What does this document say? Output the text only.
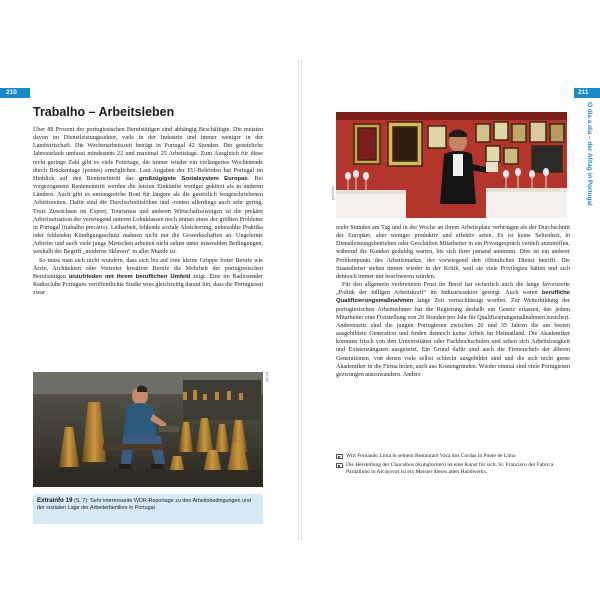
210	211
O dia a dia – der Alltag in Portugal
Trabalho – Arbeitsleben

Über 88 Prozent der portugiesischen Berufstätigen sind abhängig Beschäftigte. Die meisten davon im Dienstleistungssektor, viele in der Industrie und immer weniger in der Landwirtschaft. Die Wochenarbeitszeit beträgt in Portugal 42 Stunden. Der gesetzliche Jahresurlaub umfasst mindestens 22 und maximal 25 Arbeitstage. Zum Ausgleich für diese recht geringe Zahl gibt es viele Feiertage, die immer wieder ein verlängertes Wochenende durch Brückentage (pontes) ermöglichen. Laut Angaben der EU-Behörden hat Portugal im Hinblick auf den Renteneintritt das großzügigste Sozialsystem Europas. Bei vorgezogenem Renteneintritt werden die letzten Einkünfte weniger gekürzt als in anderen Ländern. Auch gibt es umfangreiche Boni für längere als die gesetzlich festgeschriebenen Arbeitszeiten. Dafür sind die Durchschnittslöhne und -renten allerdings auch sehr gering. Trotz Zuwächsen im Export, Tourismus und anderen Wirtschaftszweigen ist die prekäre Arbeitssituation der verwiegend unteren Lohnklassen noch immer eines der größten Probleme in Portugal (trabalho precário). Leiharbeit, fehlende soziale Absicherung, unbezahlte Praktika oder fehlenden Kündigungsschutz mahnen nicht nur die Gewerkschaften an. Ungelernte Arbeiter und auch viele junge Menschen arbeiten nicht selten unter miserablen Bedingungen, weshalb der Begriff „moderne Sklaven“ in aller Munde ist.

So muss man sich nicht wundern, dass sich bis auf eine kleine Gruppe freier Berufe wie Ärzte, Architekten oder Vertreter kreativer Berufe die Mehrheit der portugiesischen Berufstätigen unzufrieden mit ihrem beruflichen Umfeld zeigt. Eine im Radiosender Radioclube Portugues veröffentlichte Studie wies gleichzeitig darauf hin, dass die Portugiesen zwar

ps160
Extrainfo 19 (S. 7): Sehr interessante WDR-Reportage zu den Arbeitsbedingungen und der sozialen Lage der Arbeiterfamilien in Portugal
ps015ss

mehr Stunden am Tag und in der Woche an ihrem Arbeitsplatz verbringen als der Durchschnitt der Europäer, aber weniger produktiv und effektiv seien. Es ist keine Seltenheit, in Dienstleistungsbetrieben oder Geschäften Mitarbeiter in ein Privatgespräch vertieft anzutreffen, während die Kunden geduldig warten, bis sich ihrer jemand annimmt. Dies ist ein anderer Problempunkt des Arbeitsmarkts, der vorwiegend den öffentlichen Dienst betrifft. Die Staatsdiener stehen immer wieder in der Kritik, weil sie viele Privilegien hätten und sich dennoch immer nur beschweren würden.

Für den allgemein verbreiteten Frust im Beruf hat sicherlich auch die lange favorisierte „Politik der billigen Arbeitskraft“ im Industriesektor gesorgt. Auch waren berufliche Qualifizierungsmaßnahmen lange Zeit vernachlässigt worden. Zur Weiterbildung der portugiesischen Arbeitnehmer hat die Regierung deshalb ein Gesetz erlassen, das jedem Mitarbeiter eine Freistellung von 20 Stunden pro Jahr für Qualifizierungsmaßnahmen zusichert. Andererseits sind die jungen Portugiesen zwischen 20 und 35 Jahren die am besten ausgebildete Generation und finden dennoch keine Arbeit im Heimatland. Die Akademiker kommen frisch von den Universitäten oder Fachhochschulen und sehen sich Arbeitslosigkeit und Existenzängsten ausgesetzt. Ein Grund dafür sind auch die Firmenchefs der älteren Generationen, von denen viele selbst schlecht ausgebildet sind und die sich nicht gerne Akademiker in die Firma holen, auch aus Kostengründen. Wieder einmal sind viele Portugiesen gezwungen auszuwandern. Andere

Wirt Fernando Lima in seinem Restaurant Vaca dos Cordas in Ponte de Lima
Die Herstellung der Chocalhos (Kuhglocken) ist eine Kunst für sich. Sr. Francisco der Fabrica Pardalinho in Alcáçovas ist ein Meister dieses alten Handwerks.
